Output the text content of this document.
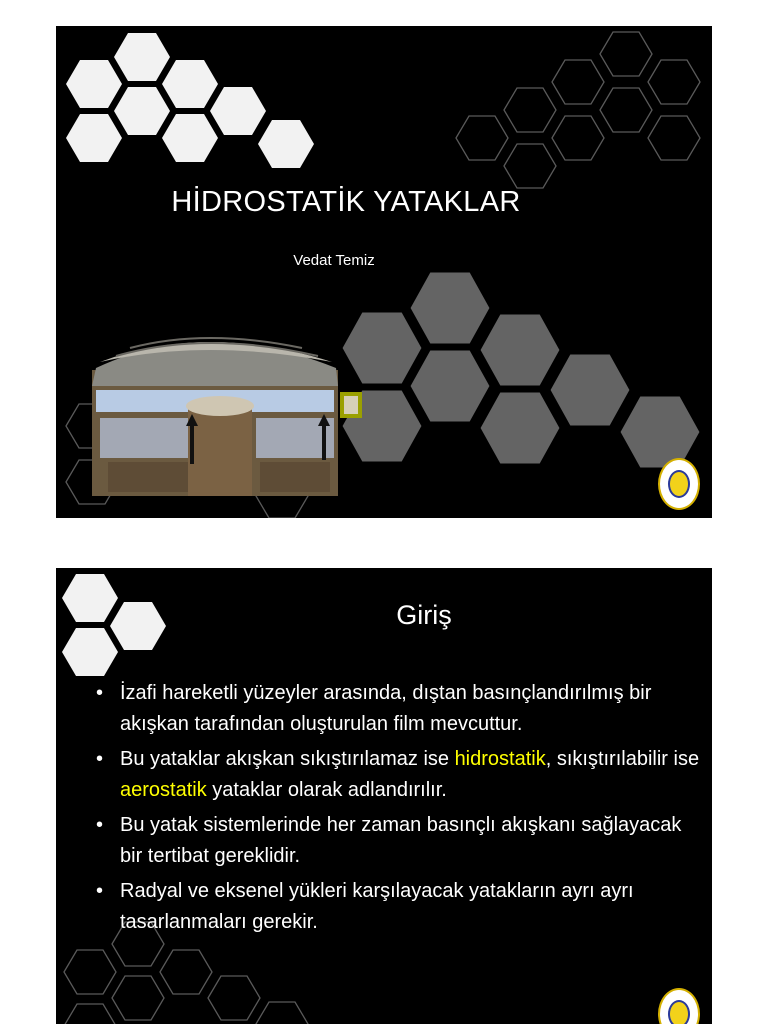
HİDROSTATİK YATAKLAR
Vedat Temiz
Giriş
• İzafi hareketli yüzeyler arasında, dıştan basınçlandırılmış bir akışkan tarafından oluşturulan film mevcuttur.
• Bu yataklar akışkan sıkıştırılamaz ise hidrostatik, sıkıştırılabilir ise aerostatik yataklar olarak adlandırılır.
• Bu yatak sistemlerinde her zaman basınçlı akışkanı sağlayacak bir tertibat gereklidir.
• Radyal ve eksenel yükleri karşılayacak yatakların ayrı ayrı tasarlanmaları gerekir.
